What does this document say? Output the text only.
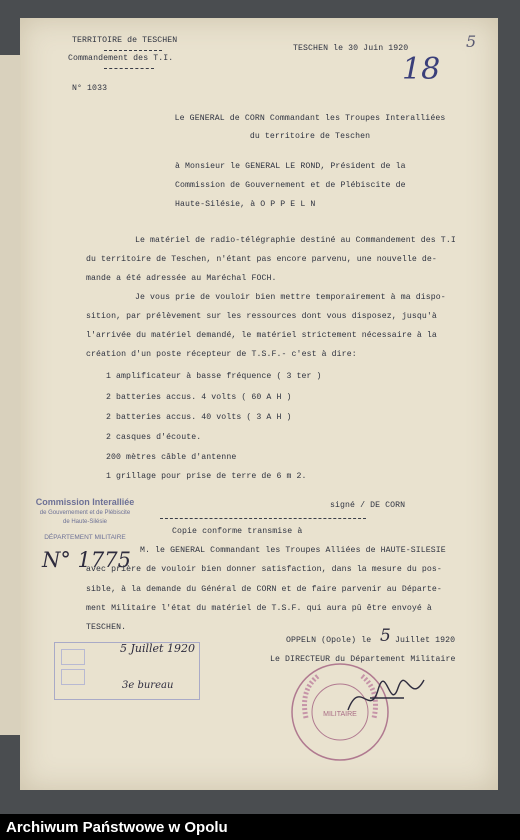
TERRITOIRE de TESCHEN
Commandement des T.I.
TESCHEN le 30 Juin 1920
N° 1033
5
18
Le GENERAL de CORN Commandant les Troupes Interalliées
du territoire de Teschen
à Monsieur le GENERAL LE ROND, Président de la
Commission de Gouvernement et de Plébiscite de
Haute-Silésie, à O P P E L N
Le matériel de radio-télégraphie destiné au Commandement des T.I
du territoire de Teschen, n'étant pas encore parvenu, une nouvelle de-
mande a été adressée au Maréchal FOCH.
Je vous prie de vouloir bien mettre temporairement à ma dispo-
sition, par prélèvement sur les ressources dont vous disposez, jusqu'à
l'arrivée du matériel demandé, le matériel strictement nécessaire à la
création d'un poste récepteur de T.S.F.- c'est à dire:
1 amplificateur à basse fréquence ( 3 ter )
2 batteries accus. 4 volts ( 60 A H )
2 batteries accus. 40 volts ( 3 A H )
2 casques d'écoute.
200 mètres câble d'antenne
1 grillage pour prise de terre de 6 m 2.
signé / DE CORN
Commission Interalliée
de Gouvernement et de Plébiscite
de Haute-Silésie
DÉPARTEMENT MILITAIRE
Copie conforme transmise à
N° 1775 M. le GENERAL Commandant les Troupes Alliées de HAUTE-SILESIE
avec prière de vouloir bien donner satisfaction, dans la mesure du pos-
sible, à la demande du Général de CORN et de faire parvenir au Départe-
ment Militaire l'état du matériel de T.S.F. qui aura pû être envoyé à
TESCHEN.
OPPELN (Opole) le 5 Juillet 1920
Le DIRECTEUR du Département Militaire
5 Juillet 1920
3e bureau
MILITAIRE
Archiwum Państwowe w Opolu
